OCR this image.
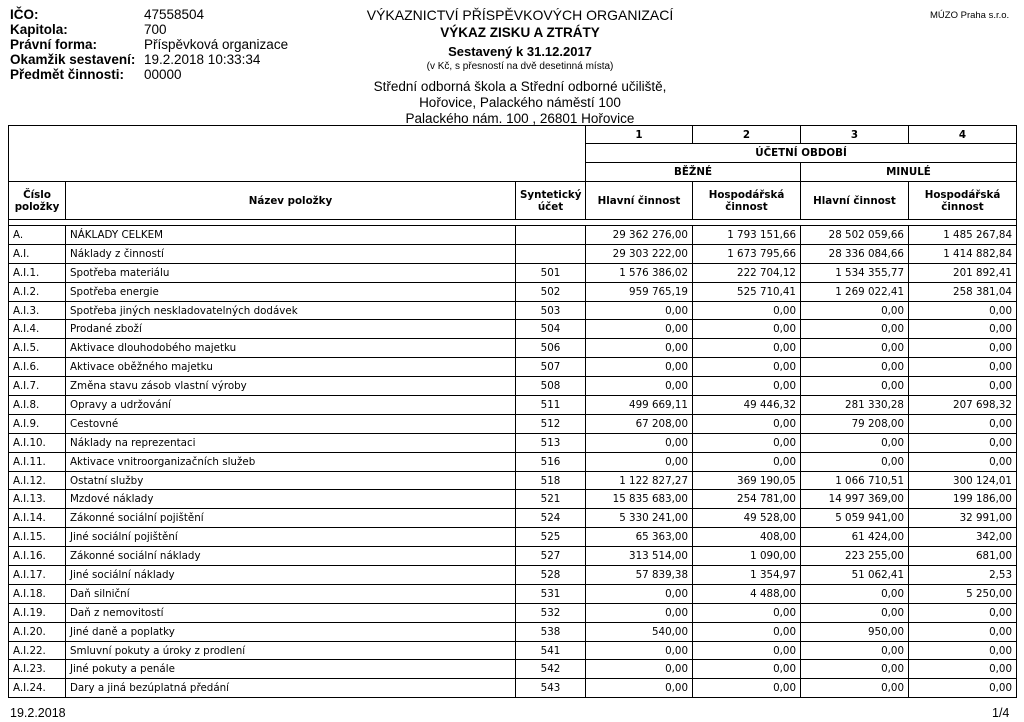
IČO:	47558504
Kapitola:	700
Právní forma:	Příspěvková organizace
Okamžik sestavení: 19.2.2018 10:33:34
Předmět činnosti: 00000
VÝKAZNICTVÍ PŘÍSPĚVKOVÝCH ORGANIZACÍ
VÝKAZ ZISKU A ZTRÁTY
Sestavený k 31.12.2017
(v Kč, s přesností na dvě desetinná místa)
Střední odborná škola a Střední odborné učiliště,
Hořovice, Palackého náměstí 100
Palackého nám. 100 , 26801 Hořovice
MÚZO Praha s.r.o.
			1	2	3	4
			ÚČETNÍ OBDOBÍ			
			BĚŽNÉ		MINULÉ	
Číslo položky	Název položky	Syntetický účet	Hlavní činnost	Hospodářská činnost	Hlavní činnost	Hospodářská činnost

A.	NÁKLADY CELKEM		29 362 276,00	1 793 151,66	28 502 059,66	1 485 267,84
A.I.	Náklady z činností		29 303 222,00	1 673 795,66	28 336 084,66	1 414 882,84
A.I.1.	Spotřeba materiálu	501	1 576 386,02	222 704,12	1 534 355,77	201 892,41
A.I.2.	Spotřeba energie	502	959 765,19	525 710,41	1 269 022,41	258 381,04
A.I.3.	Spotřeba jiných neskladovatelných dodávek	503	0,00	0,00	0,00	0,00
A.I.4.	Prodané zboží	504	0,00	0,00	0,00	0,00
A.I.5.	Aktivace dlouhodobého majetku	506	0,00	0,00	0,00	0,00
A.I.6.	Aktivace oběžného majetku	507	0,00	0,00	0,00	0,00
A.I.7.	Změna stavu zásob vlastní výroby	508	0,00	0,00	0,00	0,00
A.I.8.	Opravy a udržování	511	499 669,11	49 446,32	281 330,28	207 698,32
A.I.9.	Cestovné	512	67 208,00	0,00	79 208,00	0,00
A.I.10.	Náklady na reprezentaci	513	0,00	0,00	0,00	0,00
A.I.11.	Aktivace vnitroorganizačních služeb	516	0,00	0,00	0,00	0,00
A.I.12.	Ostatní služby	518	1 122 827,27	369 190,05	1 066 710,51	300 124,01
A.I.13.	Mzdové náklady	521	15 835 683,00	254 781,00	14 997 369,00	199 186,00
A.I.14.	Zákonné sociální pojištění	524	5 330 241,00	49 528,00	5 059 941,00	32 991,00
A.I.15.	Jiné sociální pojištění	525	65 363,00	408,00	61 424,00	342,00
A.I.16.	Zákonné sociální náklady	527	313 514,00	1 090,00	223 255,00	681,00
A.I.17.	Jiné sociální náklady	528	57 839,38	1 354,97	51 062,41	2,53
A.I.18.	Daň silniční	531	0,00	4 488,00	0,00	5 250,00
A.I.19.	Daň z nemovitostí	532	0,00	0,00	0,00	0,00
A.I.20.	Jiné daně a poplatky	538	540,00	0,00	950,00	0,00
A.I.22.	Smluvní pokuty a úroky z prodlení	541	0,00	0,00	0,00	0,00
A.I.23.	Jiné pokuty a penále	542	0,00	0,00	0,00	0,00
A.I.24.	Dary a jiná bezúplatná předání	543	0,00	0,00	0,00	0,00
19.2.2018	1/4
